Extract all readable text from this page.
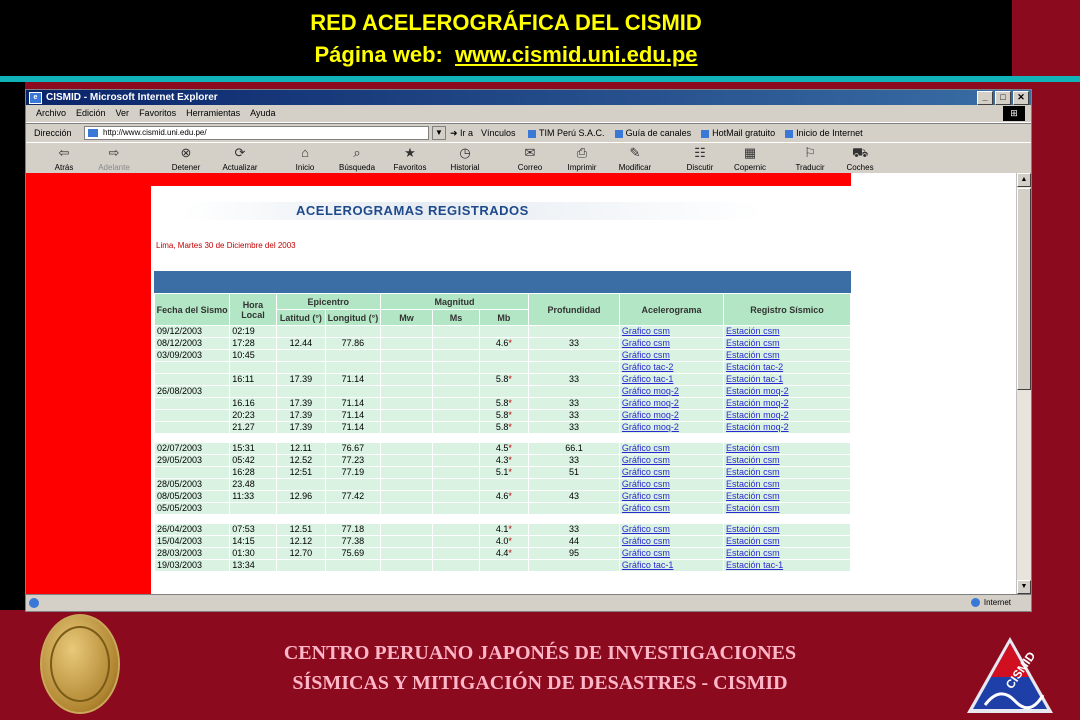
RED ACELEROGRÁFICA DEL CISMID
Página web: www.cismid.uni.edu.pe
e CISMID - Microsoft Internet Explorer	_ □ ✕
Archivo Edición Ver Favoritos Herramientas Ayuda	⊞
Dirección	http://www.cismid.uni.edu.pe/	▼ ➜ Ir a Vínculos	TIM Perú S.A.C. Guía de canales HotMail gratuito Inicio de Internet
⇦
Atrás
⇨
Adelante
⊗
Detener
⟳
Actualizar
⌂
Inicio
⌕
Búsqueda
★
Favoritos
◷
Historial
✉
Correo
⎙
Imprimir
✎
Modificar
☷
Discutir
▦
Copernic
⚐
Traducir
⛟
Coches
ACELEROGRAMAS REGISTRADOS
Lima, Martes 30 de Diciembre del 2003
Fecha del Sismo	Hora Local	Epicentro		Magnitud			Profundidad	Acelerograma	Registro Sísmico
		Latitud (°)	Longitud (°)	Mw	Ms	Mb			
09/12/2003	02:19							Grafico csm	Estación csm
08/12/2003	17:28	12.44	77.86			4.6*	33	Grafico csm	Estación csm
03/09/2003	10:45							Gráfico csm	Estación csm
								Gráfico tac-2	Estación tac-2
	16:11	17.39	71.14			5.8*	33	Gráfico tac-1	Estación tac-1
26/08/2003								Gráfico moq-2	Estación moq-2
	16.16	17.39	71.14			5.8*	33	Gráfico moq-2	Estación moq-2
	20:23	17.39	71.14			5.8*	33	Gráfico moq-2	Estación moq-2
	21.27	17.39	71.14			5.8*	33	Gráfico moq-2	Estación moq-2

02/07/2003	15:31	12.11	76.67			4.5*	66.1	Gráfico csm	Estación csm
29/05/2003	05:42	12.52	77.23			4.3*	33	Gráfico csm	Estación csm
	16:28	12:51	77.19			5.1*	51	Gráfico csm	Estación csm
28/05/2003	23.48							Gráfico csm	Estación csm
08/05/2003	11:33	12.96	77.42			4.6*	43	Gráfico csm	Estación csm
05/05/2003								Gráfico csm	Estación csm

26/04/2003	07:53	12.51	77.18			4.1*	33	Gráfico csm	Estación csm
15/04/2003	14:15	12.12	77.38			4.0*	44	Gráfico csm	Estación csm
28/03/2003	01:30	12.70	75.69			4.4*	95	Gráfico csm	Estación csm
19/03/2003	13:34							Gráfico tac-1	Estación tac-1
▲
▼
Internet
CENTRO PERUANO JAPONÉS DE INVESTIGACIONES
SÍSMICAS Y MITIGACIÓN DE DESASTRES - CISMID	CISMID
